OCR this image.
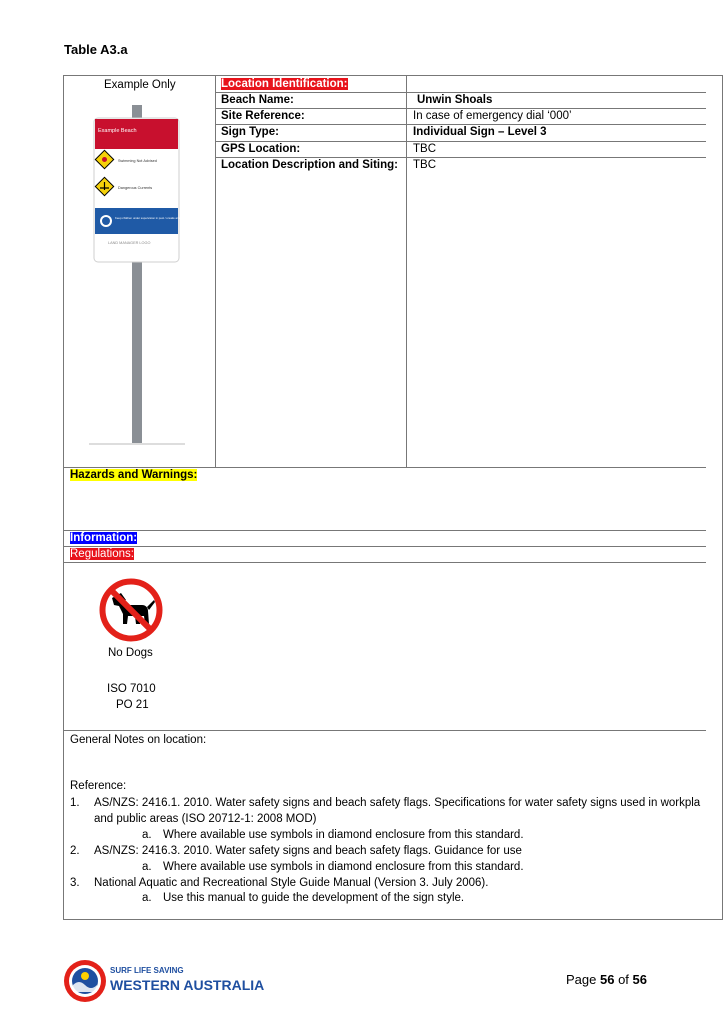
Table A3.a
Example Only
Example Beach
Swimming Not Advised
Dangerous Currents
Keep children under supervision in pool / unsafe around aquatic environments
LAND MANAGER LOGO
Location Identification:
Beach Name:	Unwin Shoals
Site Reference:	In case of emergency dial ‘000’
Sign Type:	Individual Sign – Level 3
GPS Location:	TBC
Location Description and Siting: TBC
Hazards and Warnings:
Information:
Regulations:
No Dogs
ISO 7010
PO 21
General Notes on location:
Reference:
1. AS/NZS: 2416.1. 2010. Water safety signs and beach safety flags. Specifications for water safety signs used in workpla
and public areas (ISO 20712-1: 2008 MOD)
a. Where available use symbols in diamond enclosure from this standard.
2. AS/NZS: 2416.3. 2010. Water safety signs and beach safety flags. Guidance for use
a. Where available use symbols in diamond enclosure from this standard.
3. National Aquatic and Recreational Style Guide Manual (Version 3. July 2006).
a. Use this manual to guide the development of the sign style.
SURF LIFE SAVING
WESTERN AUSTRALIA	Page 56 of 56
